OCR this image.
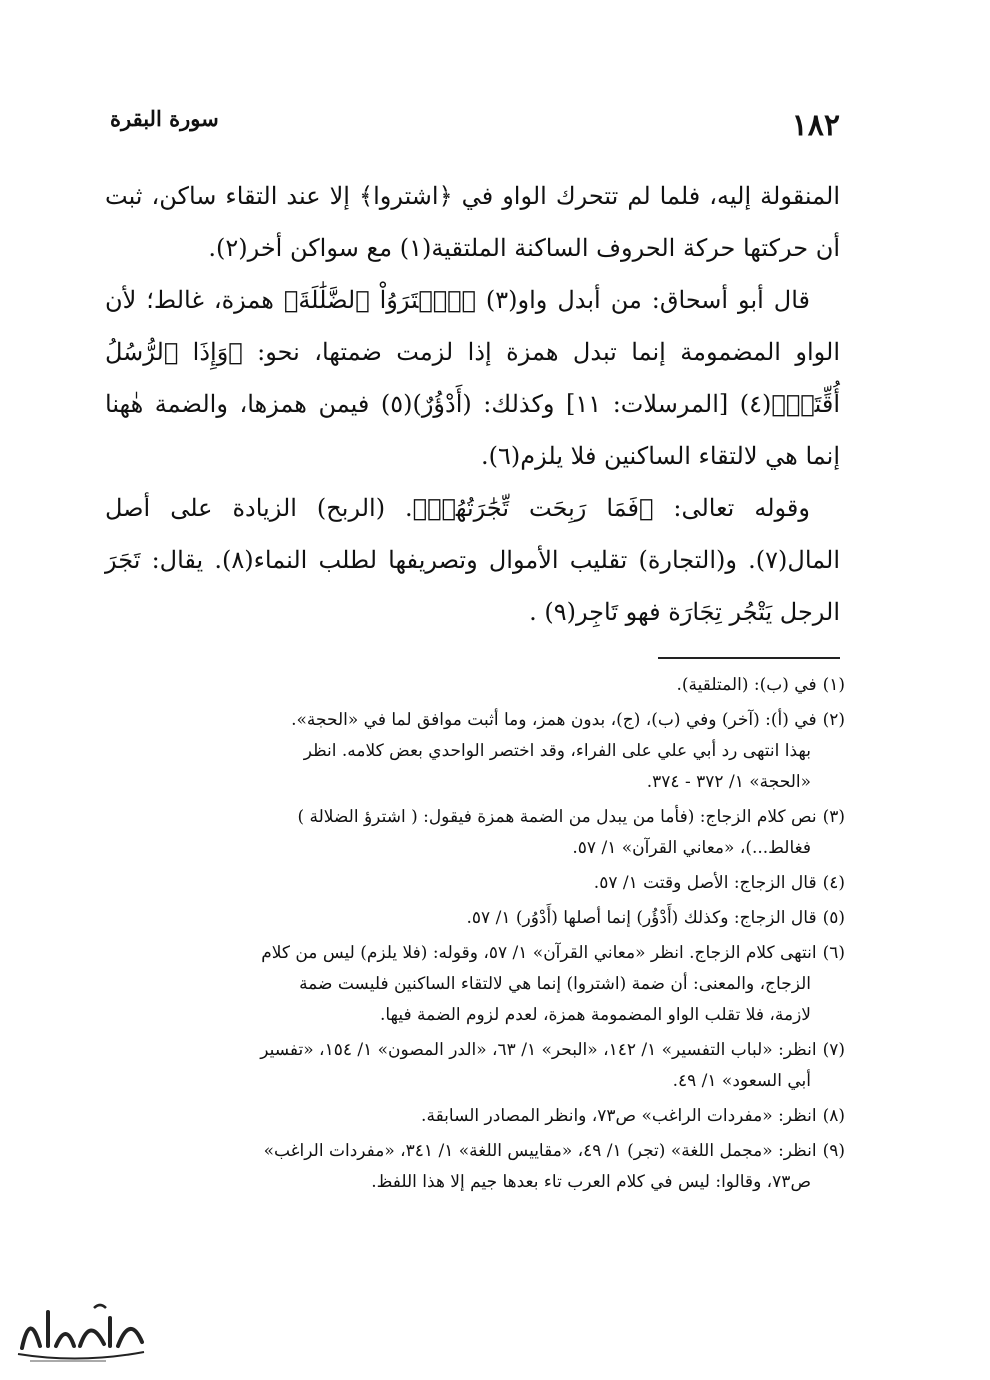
١٨٢
سورة البقرة

المنقولة إليه، فلما لم تتحرك الواو في ﴿اشتروا﴾ إلا عند التقاء ساكن، ثبت أن حركتها حركة الحروف الساكنة الملتقية(١) مع سواكن أخر(٢).

قال أبو أسحاق: من أبدل واو(٣) ﴿ٱشۡتَرَوُاْ ٱلضَّلَٰلَةَ﴾ همزة، غالط؛ لأن الواو المضمومة إنما تبدل همزة إذا لزمت ضمتها، نحو: ﴿وَإِذَا ٱلرُّسُلُ أُقِّتَتۡ﴾(٤) [المرسلات: ١١] وكذلك: (أَدْؤُرٌ)(٥) فيمن همزها، والضمة هٰهنا إنما هي لالتقاء الساكنين فلا يلزم(٦).

وقوله تعالى: ﴿فَمَا رَبِحَت تِّجَٰرَتُهُمۡ﴾. (الربح) الزيادة على أصل المال(٧). و(التجارة) تقليب الأموال وتصريفها لطلب النماء(٨). يقال: تَجَرَ الرجل يَتْجُر تِجَارَة فهو تَاجِر(٩) .

(١)في (ب): (المتلقية).
(٢)في (أ): (آخر) وفي (ب)، (ج)، بدون همز، وما أثبت موافق لما في «الحجة».
بهذا انتهى رد أبي علي على الفراء، وقد اختصر الواحدي بعض كلامه. انظر
«الحجة» ١/ ٣٧٢ - ٣٧٤.
(٣)نص كلام الزجاج: (فأما من يبدل من الضمة همزة فيقول: ( اشترؤ الضلالة )
فغالط...)، «معاني القرآن» ١/ ٥٧.
(٤)قال الزجاج: الأصل وقتت ١/ ٥٧.
(٥)قال الزجاج: وكذلك (أَدْؤُر) إنما أصلها (أَدْوُر) ١/ ٥٧.
(٦)انتهى كلام الزجاج. انظر «معاني القرآن» ١/ ٥٧، وقوله: (فلا يلزم) ليس من كلام
الزجاج، والمعنى: أن ضمة (اشتروا) إنما هي لالتقاء الساكنين فليست ضمة
لازمة، فلا تقلب الواو المضمومة همزة، لعدم لزوم الضمة فيها.
(٧)انظر: «لباب التفسير» ١/ ١٤٢، «البحر» ١/ ٦٣، «الدر المصون» ١/ ١٥٤، «تفسير
أبي السعود» ١/ ٤٩.
(٨)انظر: «مفردات الراغب» ص٧٣، وانظر المصادر السابقة.
(٩)انظر: «مجمل اللغة» (تجر) ١/ ٤٩، «مقاييس اللغة» ١/ ٣٤١، «مفردات الراغب»
ص٧٣، وقالوا: ليس في كلام العرب تاء بعدها جيم إلا هذا اللفظ.
